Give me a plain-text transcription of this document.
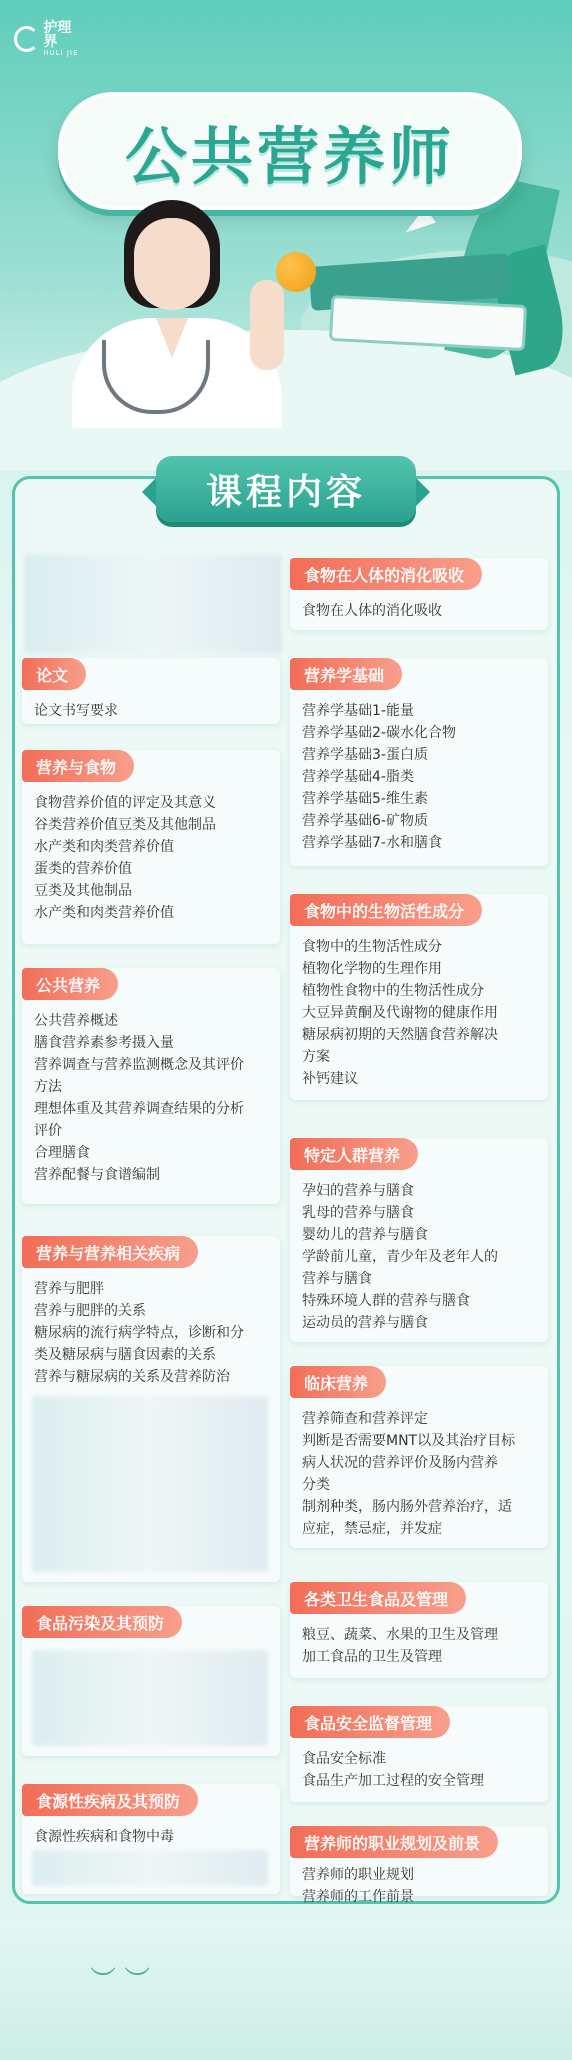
护理界
HULI JIE
公共营养师
课程内容
论文
论文书写要求
营养与食物
食物营养价值的评定及其意义
谷类营养价值豆类及其他制品
水产类和肉类营养价值
蛋类的营养价值
豆类及其他制品
水产类和肉类营养价值
公共营养
公共营养概述
膳食营养素参考摄入量
营养调查与营养监测概念及其评价
方法
理想体重及其营养调查结果的分析
评价
合理膳食
营养配餐与食谱编制
营养与营养相关疾病
营养与肥胖
营养与肥胖的关系
糖尿病的流行病学特点，诊断和分
类及糖尿病与膳食因素的关系
营养与糖尿病的关系及营养防治
食品污染及其预防
食源性疾病及其预防
食源性疾病和食物中毒
食物在人体的消化吸收
食物在人体的消化吸收
营养学基础
营养学基础1-能量
营养学基础2-碳水化合物
营养学基础3-蛋白质
营养学基础4-脂类
营养学基础5-维生素
营养学基础6-矿物质
营养学基础7-水和膳食
食物中的生物活性成分
食物中的生物活性成分
植物化学物的生理作用
植物性食物中的生物活性成分
大豆异黄酮及代谢物的健康作用
糖尿病初期的天然膳食营养解决
方案
补钙建议
特定人群营养
孕妇的营养与膳食
乳母的营养与膳食
婴幼儿的营养与膳食
学龄前儿童，青少年及老年人的
营养与膳食
特殊环境人群的营养与膳食
运动员的营养与膳食
临床营养
营养筛查和营养评定
判断是否需要MNT以及其治疗目标
病人状况的营养评价及肠内营养
分类
制剂种类，肠内肠外营养治疗，适
应症，禁忌症，并发症
各类卫生食品及管理
粮豆、蔬菜、水果的卫生及管理
加工食品的卫生及管理
食品安全监督管理
食品安全标准
食品生产加工过程的安全管理
营养师的职业规划及前景
营养师的职业规划
营养师的工作前景
︶ ︶
